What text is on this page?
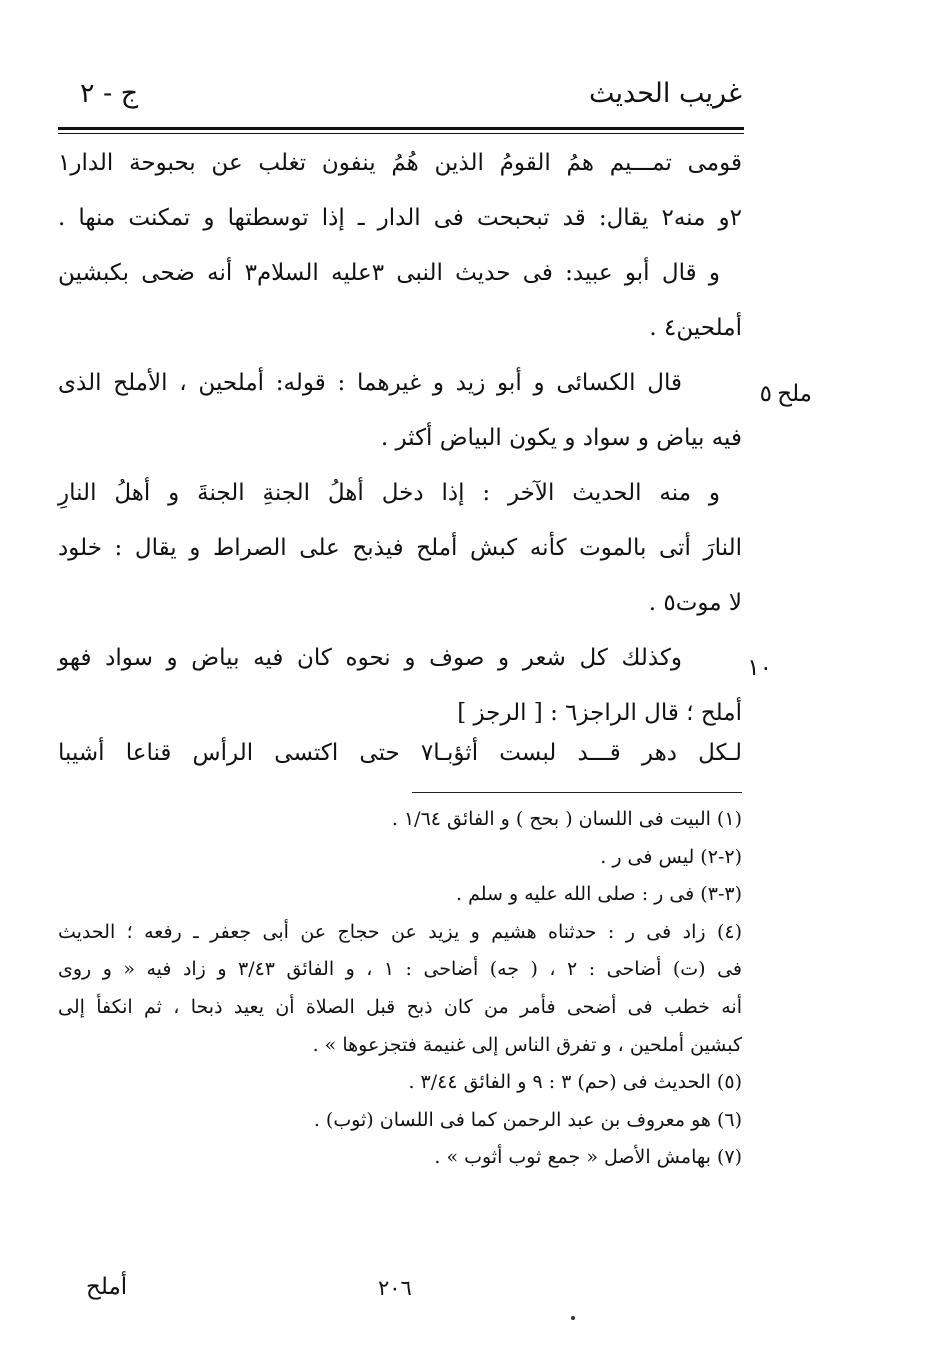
غريب الحديث
ج - ٢
ملح
٥
١٠
قومى تمـــيم همُ القومُ الذين هُمُ ينفون تغلب عن بحبوحة الدار١
٢و منه٢ يقال: قد تبحبحت فى الدار ـ إذا توسطتها و تمكنت منها .
و قال أبو عبيد: فى حديث النبى ٣عليه السلام٣ أنه ضحى بكبشين
أملحين٤ .
قال الكسائى و أبو زيد و غيرهما : قوله: أملحين ، الأملح الذى
فيه بياض و سواد و يكون البياض أكثر .
و منه الحديث الآخر : إذا دخل أهلُ الجنةِ الجنةَ و أهلُ النارِ
النارَ أتى بالموت كأنه كبش أملح فيذبح على الصراط و يقال : خلود
لا موت٥ .
وكذلك كل شعر و صوف و نحوه كان فيه بياض و سواد فهو
أملح ؛ قال الراجز٦ : [ الرجز ]
لـكل دهر قـــد لبست أثؤبـا٧ حتى اكتسى الرأس قناعا أشيبا
(١) البيت فى اللسان ( بحح ) و الفائق ١/٦٤ .
(٢-٢) ليس فى ر .
(٣-٣) فى ر : صلى الله عليه و سلم .
(٤) زاد فى ر : حدثناه هشيم و يزيد عن حجاج عن أبى جعفر ـ رفعه ؛ الحديث
فى (ت) أضاحى : ٢ ، ( جه) أضاحى : ١ ، و الفائق ٣/٤٣ و زاد فيه « و روى
أنه خطب فى أضحى فأمر من كان ذبح قبل الصلاة أن يعيد ذبحا ، ثم انكفأ إلى
كبشين أملحين ، و تفرق الناس إلى غنيمة فتجزعوها » .
(٥) الحديث فى (حم) ٣ : ٩ و الفائق ٣/٤٤ .
(٦) هو معروف بن عبد الرحمن كما فى اللسان (ثوب) .
(٧) بهامش الأصل « جمع ثوب أثوب » .
٢٠٦
أملح
